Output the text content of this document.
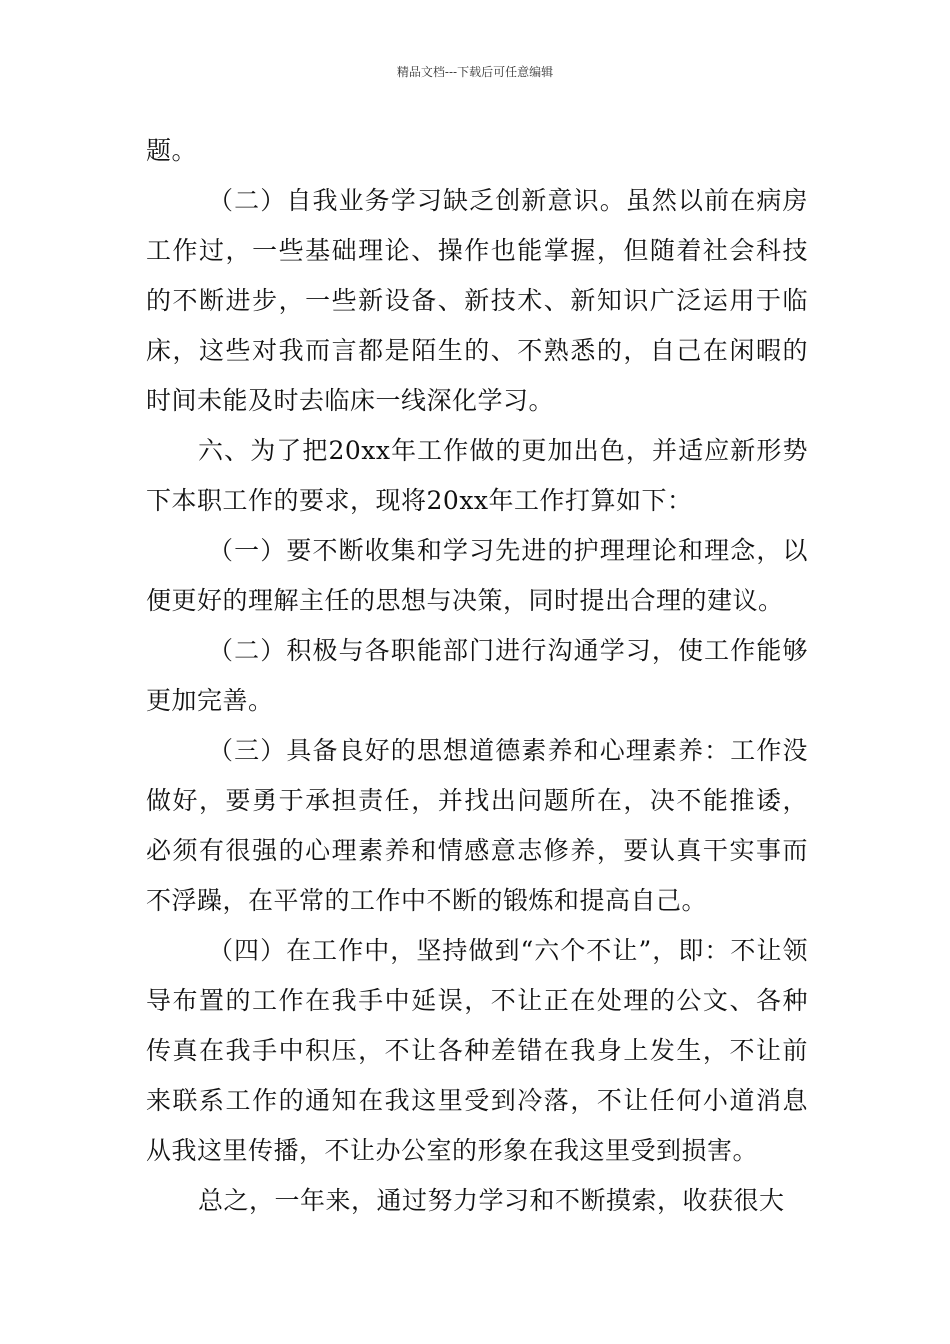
精品文档---下载后可任意编辑

题。

（二）自我业务学习缺乏创新意识。虽然以前在病房工作过，一些基础理论、操作也能掌握，但随着社会科技的不断进步，一些新设备、新技术、新知识广泛运用于临床，这些对我而言都是陌生的、不熟悉的，自己在闲暇的时间未能及时去临床一线深化学习。

六、为了把20xx年工作做的更加出色，并适应新形势下本职工作的要求，现将20xx年工作打算如下：

（一）要不断收集和学习先进的护理理论和理念，以便更好的理解主任的思想与决策，同时提出合理的建议。

（二）积极与各职能部门进行沟通学习，使工作能够更加完善。

（三）具备良好的思想道德素养和心理素养：工作没做好，要勇于承担责任，并找出问题所在，决不能推诿，必须有很强的心理素养和情感意志修养，要认真干实事而不浮躁，在平常的工作中不断的锻炼和提高自己。

（四）在工作中，坚持做到“六个不让”，即：不让领导布置的工作在我手中延误，不让正在处理的公文、各种传真在我手中积压，不让各种差错在我身上发生，不让前来联系工作的通知在我这里受到冷落，不让任何小道消息从我这里传播，不让办公室的形象在我这里受到损害。

总之，一年来，通过努力学习和不断摸索，收获很大
